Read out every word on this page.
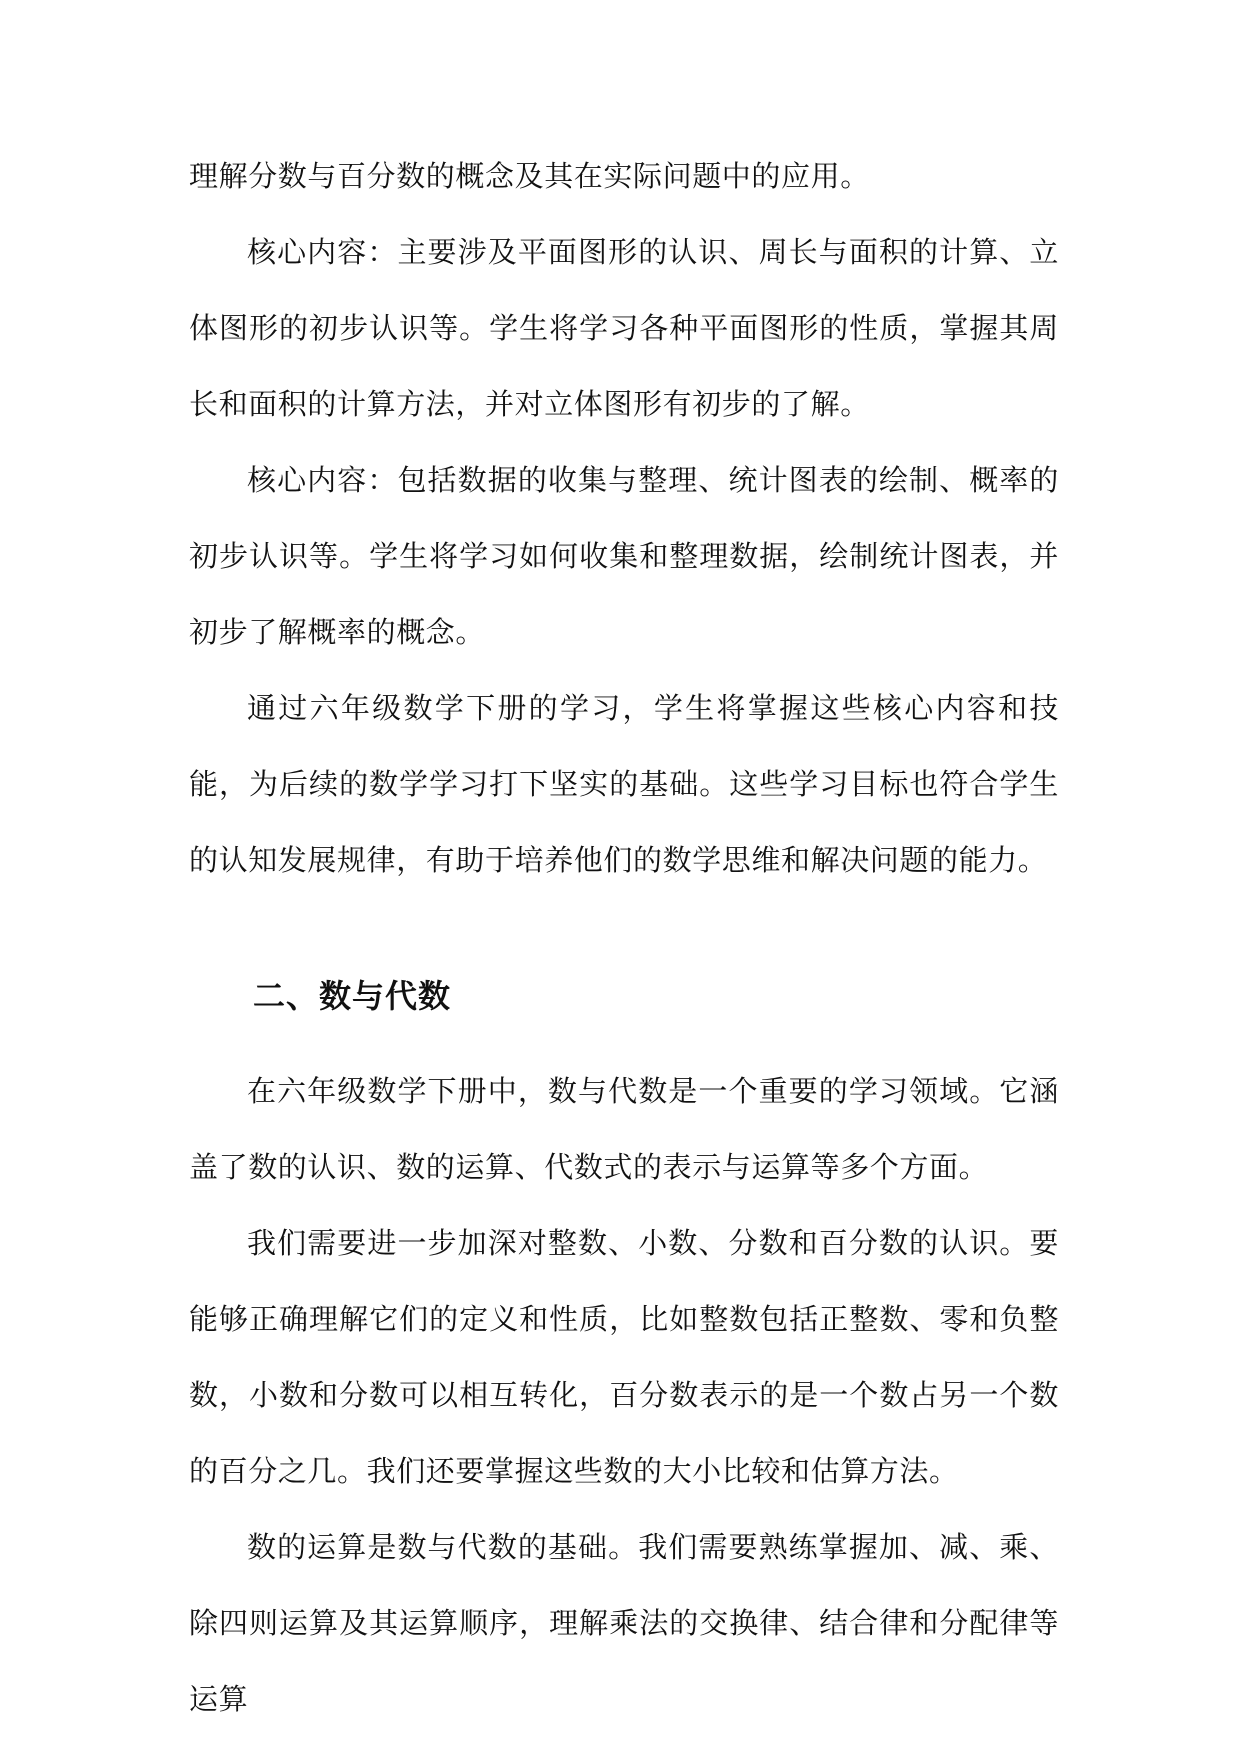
理解分数与百分数的概念及其在实际问题中的应用。

核心内容：主要涉及平面图形的认识、周长与面积的计算、立体图形的初步认识等。学生将学习各种平面图形的性质，掌握其周长和面积的计算方法，并对立体图形有初步的了解。

核心内容：包括数据的收集与整理、统计图表的绘制、概率的初步认识等。学生将学习如何收集和整理数据，绘制统计图表，并初步了解概率的概念。

通过六年级数学下册的学习，学生将掌握这些核心内容和技能，为后续的数学学习打下坚实的基础。这些学习目标也符合学生的认知发展规律，有助于培养他们的数学思维和解决问题的能力。

二、数与代数

在六年级数学下册中，数与代数是一个重要的学习领域。它涵盖了数的认识、数的运算、代数式的表示与运算等多个方面。

我们需要进一步加深对整数、小数、分数和百分数的认识。要能够正确理解它们的定义和性质，比如整数包括正整数、零和负整数，小数和分数可以相互转化，百分数表示的是一个数占另一个数的百分之几。我们还要掌握这些数的大小比较和估算方法。

数的运算是数与代数的基础。我们需要熟练掌握加、减、乘、除四则运算及其运算顺序，理解乘法的交换律、结合律和分配律等运算
